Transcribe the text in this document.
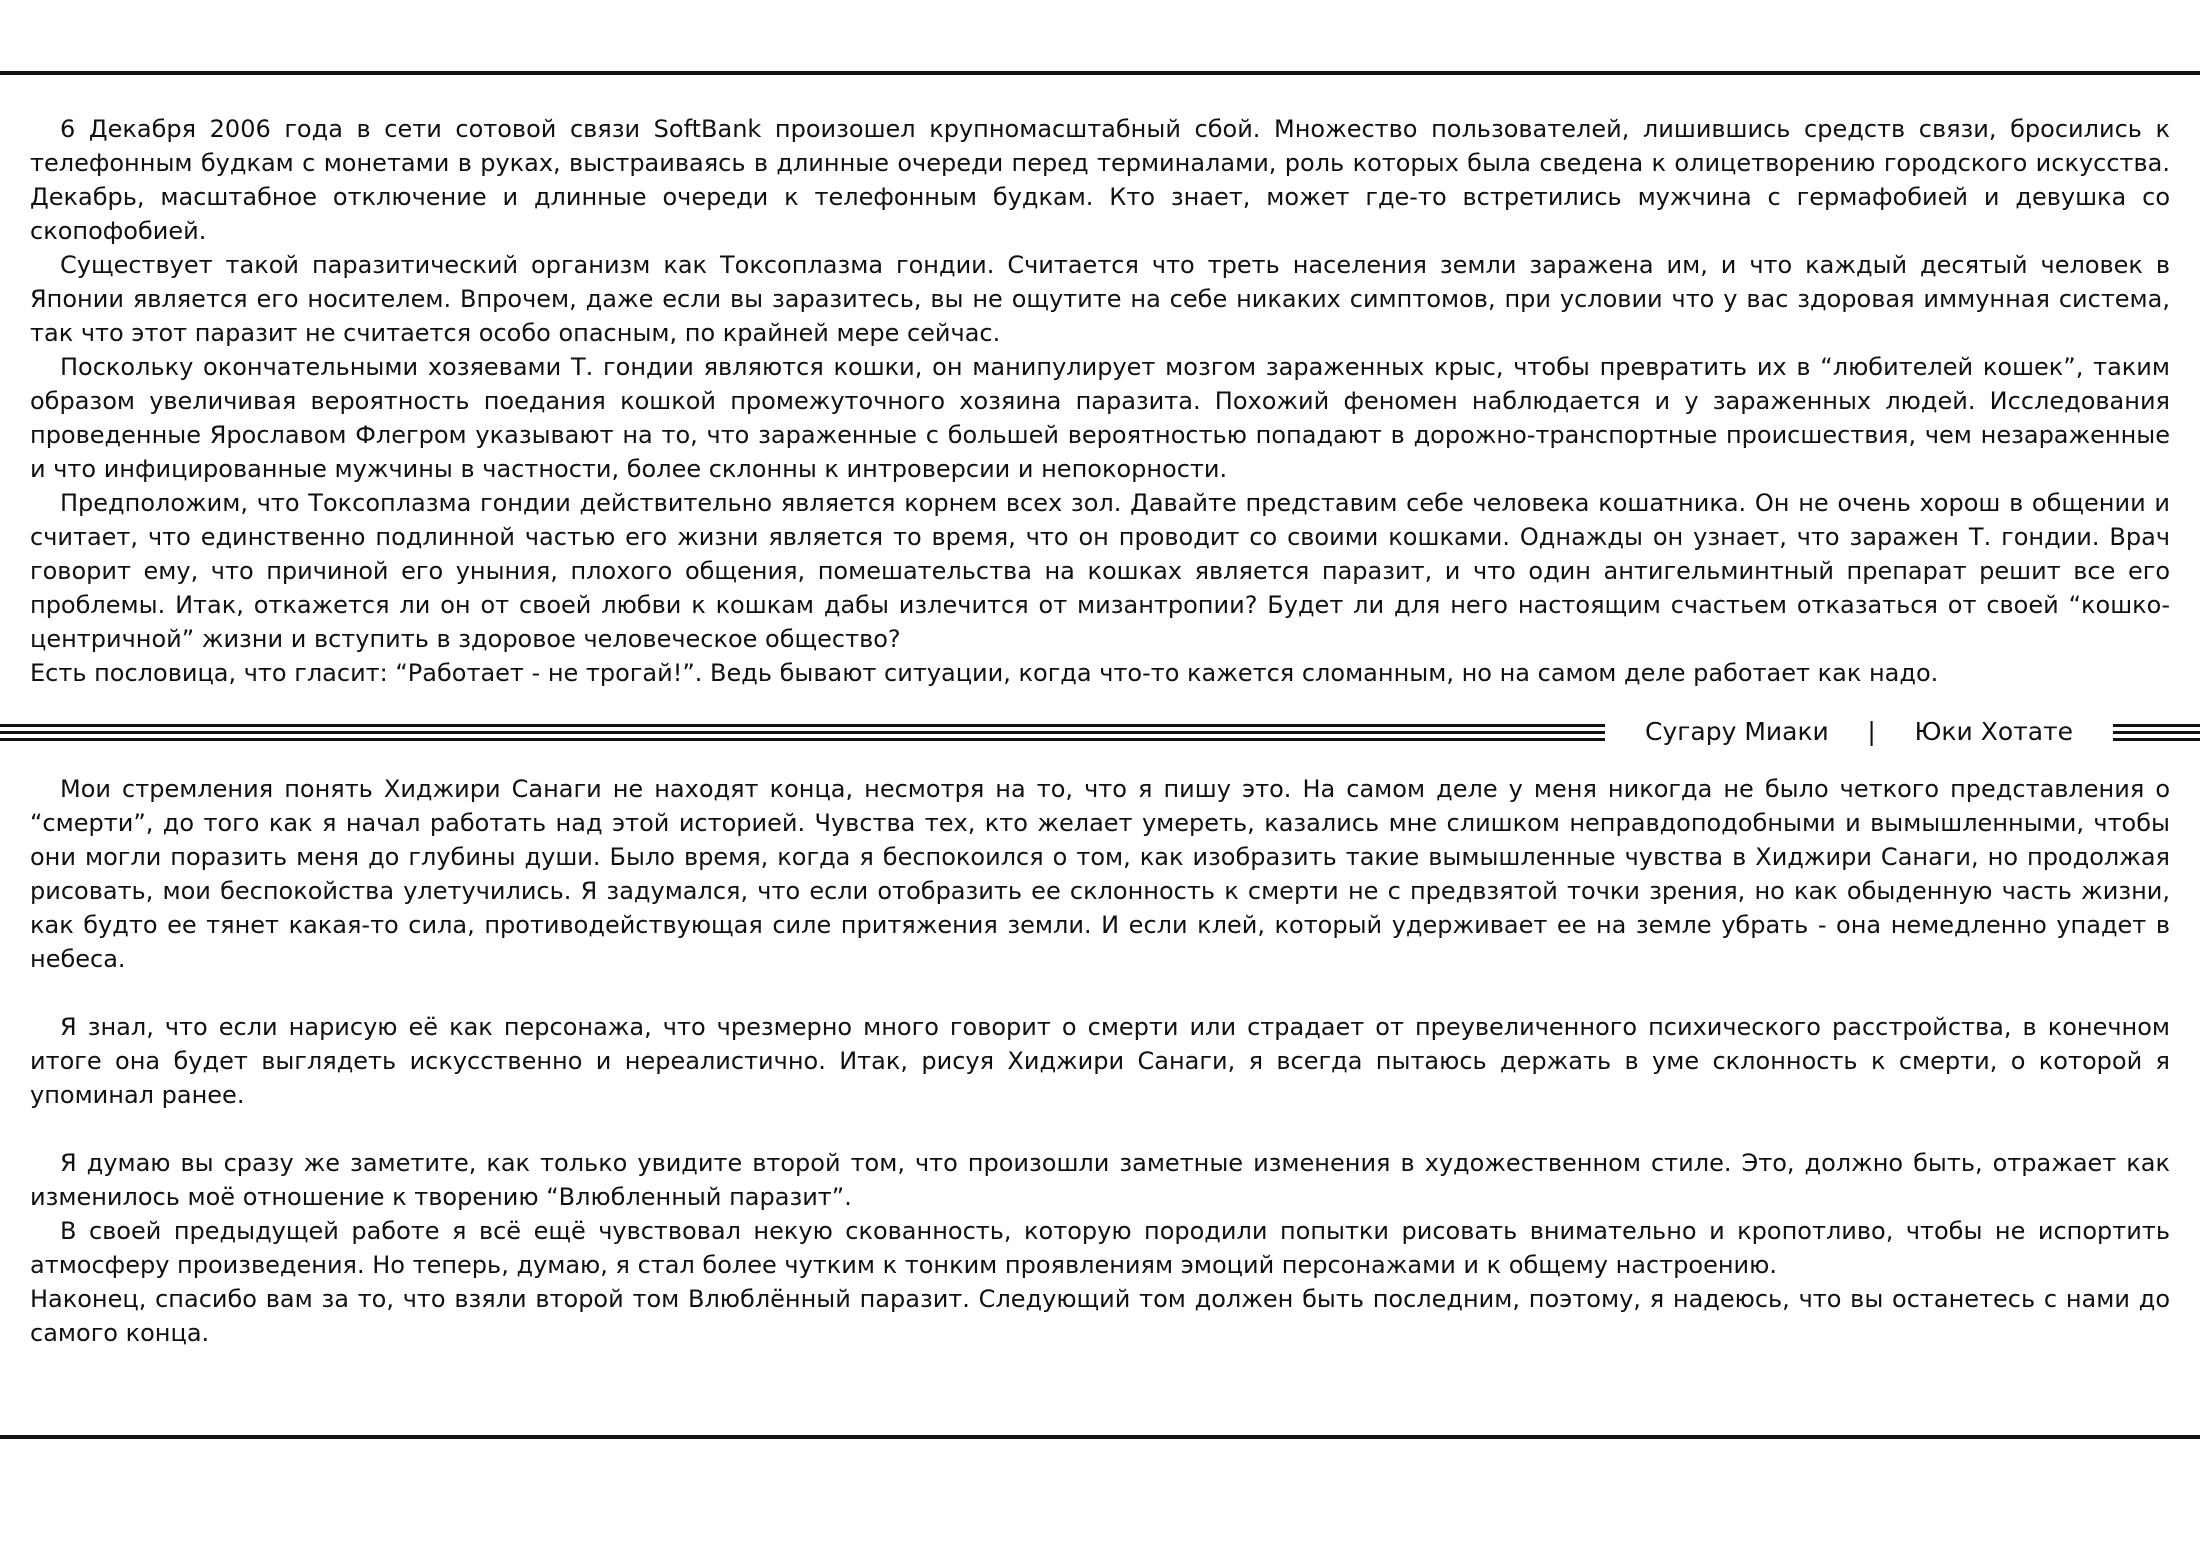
6 Декабря 2006 года в сети сотовой связи SoftBank произошел крупномасштабный сбой. Множество пользователей, лишившись средств связи, бросились к телефонным будкам с монетами в руках, выстраиваясь в длинные очереди перед терминалами, роль которых была сведена к олицетворению городского искусства. Декабрь, масштабное отключение и длинные очереди к телефонным будкам. Кто знает, может где-то встретились мужчина с гермафобией и девушка со скопофобией.

Существует такой паразитический организм как Токсоплазма гондии. Считается что треть населения земли заражена им, и что каждый десятый человек в Японии является его носителем. Впрочем, даже если вы заразитесь, вы не ощутите на себе никаких симптомов, при условии что у вас здоровая иммунная система, так что этот паразит не считается особо опасным, по крайней мере сейчас.

Поскольку окончательными хозяевами Т. гондии являются кошки, он манипулирует мозгом зараженных крыс, чтобы превратить их в “любителей кошек”, таким образом увеличивая вероятность поедания кошкой промежуточного хозяина паразита. Похожий феномен наблюдается и у зараженных людей. Исследования проведенные Ярославом Флегром указывают на то, что зараженные с большей вероятностью попадают в дорожно-транспортные происшествия, чем незараженные и что инфицированные мужчины в частности, более склонны к интроверсии и непокорности.

Предположим, что Токсоплазма гондии действительно является корнем всех зол. Давайте представим себе человека кошатника. Он не очень хорош в общении и считает, что единственно подлинной частью его жизни является то время, что он проводит со своими кошками. Однажды он узнает, что заражен Т. гондии. Врач говорит ему, что причиной его уныния, плохого общения, помешательства на кошках является паразит, и что один антигельминтный препарат решит все его проблемы. Итак, откажется ли он от своей любви к кошкам дабы излечится от мизантропии? Будет ли для него настоящим счастьем отказаться от своей “кошко-центричной” жизни и вступить в здоровое человеческое общество?

Есть пословица, что гласит: “Работает - не трогай!”. Ведь бывают ситуации, когда что-то кажется сломанным, но на самом деле работает как надо.

Сугару Миаки	|	Юки Хотате

Мои стремления понять Хиджири Санаги не находят конца, несмотря на то, что я пишу это. На самом деле у меня никогда не было четкого представления о “смерти”, до того как я начал работать над этой историей. Чувства тех, кто желает умереть, казались мне слишком неправдоподобными и вымышленными, чтобы они могли поразить меня до глубины души. Было время, когда я беспокоился о том, как изобразить такие вымышленные чувства в Хиджири Санаги, но продолжая рисовать, мои беспокойства улетучились. Я задумался, что если отобразить ее склонность к смерти не с предвзятой точки зрения, но как обыденную часть жизни, как будто ее тянет какая-то сила, противодействующая силе притяжения земли. И если клей, который удерживает ее на земле убрать - она немедленно упадет в небеса.

Я знал, что если нарисую её как персонажа, что чрезмерно много говорит о смерти или страдает от преувеличенного психического расстройства, в конечном итоге она будет выглядеть искусственно и нереалистично. Итак, рисуя Хиджири Санаги, я всегда пытаюсь держать в уме склонность к смерти, о которой я упоминал ранее.

Я думаю вы сразу же заметите, как только увидите второй том, что произошли заметные изменения в художественном стиле. Это, должно быть, отражает как изменилось моё отношение к творению “Влюбленный паразит”.

В своей предыдущей работе я всё ещё чувствовал некую скованность, которую породили попытки рисовать внимательно и кропотливо, чтобы не испортить атмосферу произведения. Но теперь, думаю, я стал более чутким к тонким проявлениям эмоций персонажами и к общему настроению.

Наконец, спасибо вам за то, что взяли второй том Влюблённый паразит. Следующий том должен быть последним, поэтому, я надеюсь, что вы останетесь с нами до самого конца.
